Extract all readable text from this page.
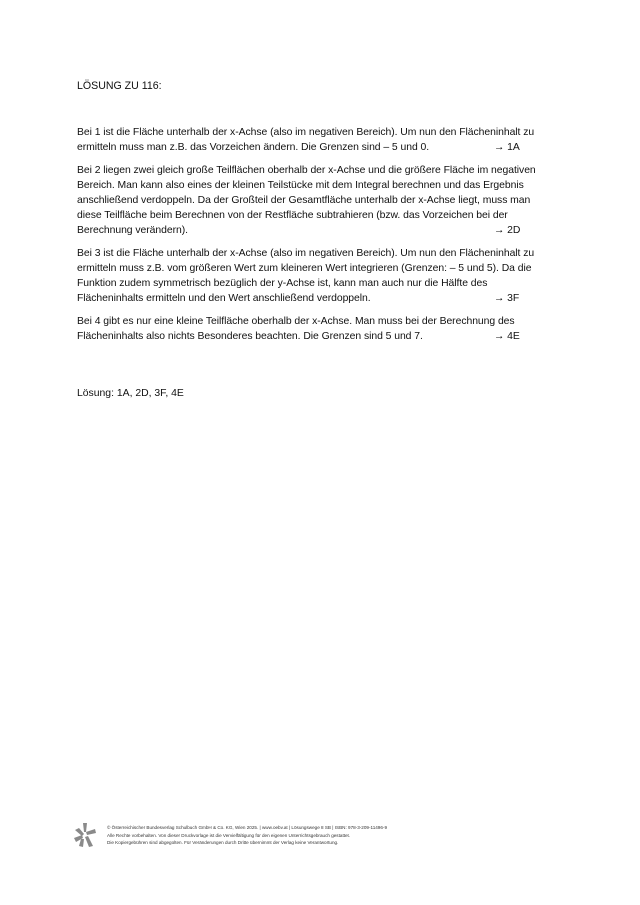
LÖSUNG ZU 116:
Bei 1 ist die Fläche unterhalb der x-Achse (also im negativen Bereich). Um nun den Flächeninhalt zu
ermitteln muss man z.B. das Vorzeichen ändern. Die Grenzen sind – 5 und 0.	→ 1A
Bei 2 liegen zwei gleich große Teilflächen oberhalb der x-Achse und die größere Fläche im negativen
Bereich. Man kann also eines der kleinen Teilstücke mit dem Integral berechnen und das Ergebnis
anschließend verdoppeln. Da der Großteil der Gesamtfläche unterhalb der x-Achse liegt, muss man
diese Teilfläche beim Berechnen von der Restfläche subtrahieren (bzw. das Vorzeichen bei der
Berechnung verändern).	→ 2D
Bei 3 ist die Fläche unterhalb der x-Achse (also im negativen Bereich). Um nun den Flächeninhalt zu
ermitteln muss z.B. vom größeren Wert zum kleineren Wert integrieren (Grenzen: – 5 und 5). Da die
Funktion zudem symmetrisch bezüglich der y-Achse ist, kann man auch nur die Hälfte des
Flächeninhalts ermitteln und den Wert anschließend verdoppeln.	→ 3F
Bei 4 gibt es nur eine kleine Teilfläche oberhalb der x-Achse. Man muss bei der Berechnung des
Flächeninhalts also nichts Besonderes beachten. Die Grenzen sind 5 und 7.	→ 4E
Lösung: 1A, 2D, 3F, 4E
© Österreichischer Bundesverlag Schulbuch GmbH & Co. KG, Wien 2025. | www.oebv.at | Lösungswege 8 SB | ISBN: 978-3-209-11496-9
Alle Rechte vorbehalten. Von dieser Druckvorlage ist die Vervielfältigung für den eigenen Unterrichtsgebrauch gestattet.
Die Kopiergebühren sind abgegolten. Für Veränderungen durch Dritte übernimmt der Verlag keine Verantwortung.
